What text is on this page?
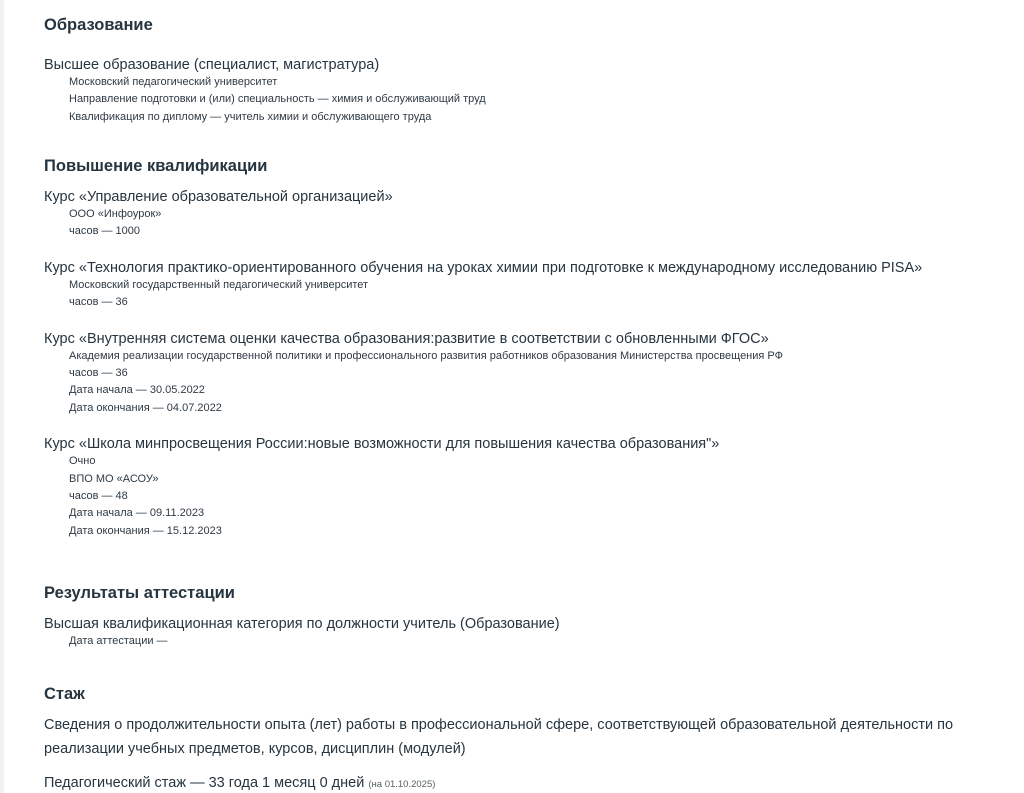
Образование
Высшее образование (специалист, магистратура)
Московский педагогический университет
Направление подготовки и (или) специальность — химия и обслуживающий труд
Квалификация по диплому — учитель химии и обслуживающего труда
Повышение квалификации
Курс «Управление образовательной организацией»
ООО «Инфоурок»
часов — 1000
Курс «Технология практико-ориентированного обучения на уроках химии при подготовке к международному исследованию PISA»
Московский государственный педагогический университет
часов — 36
Курс «Внутренняя система оценки качества образования:развитие в соответствии с обновленными ФГОС»
Академия реализации государственной политики и профессионального развития работников образования Министерства просвещения РФ
часов — 36
Дата начала — 30.05.2022
Дата окончания — 04.07.2022
Курс «Школа минпросвещения России:новые возможности для повышения качества образования"»
Очно
ВПО МО «АСОУ»
часов — 48
Дата начала — 09.11.2023
Дата окончания — 15.12.2023
Результаты аттестации
Высшая квалификационная категория по должности учитель (Образование)
Дата аттестации —
Стаж
Сведения о продолжительности опыта (лет) работы в профессиональной сфере, соответствующей образовательной деятельности по реализации учебных предметов, курсов, дисциплин (модулей)
Педагогический стаж — 33 года 1 месяц 0 дней (на 01.10.2025)
